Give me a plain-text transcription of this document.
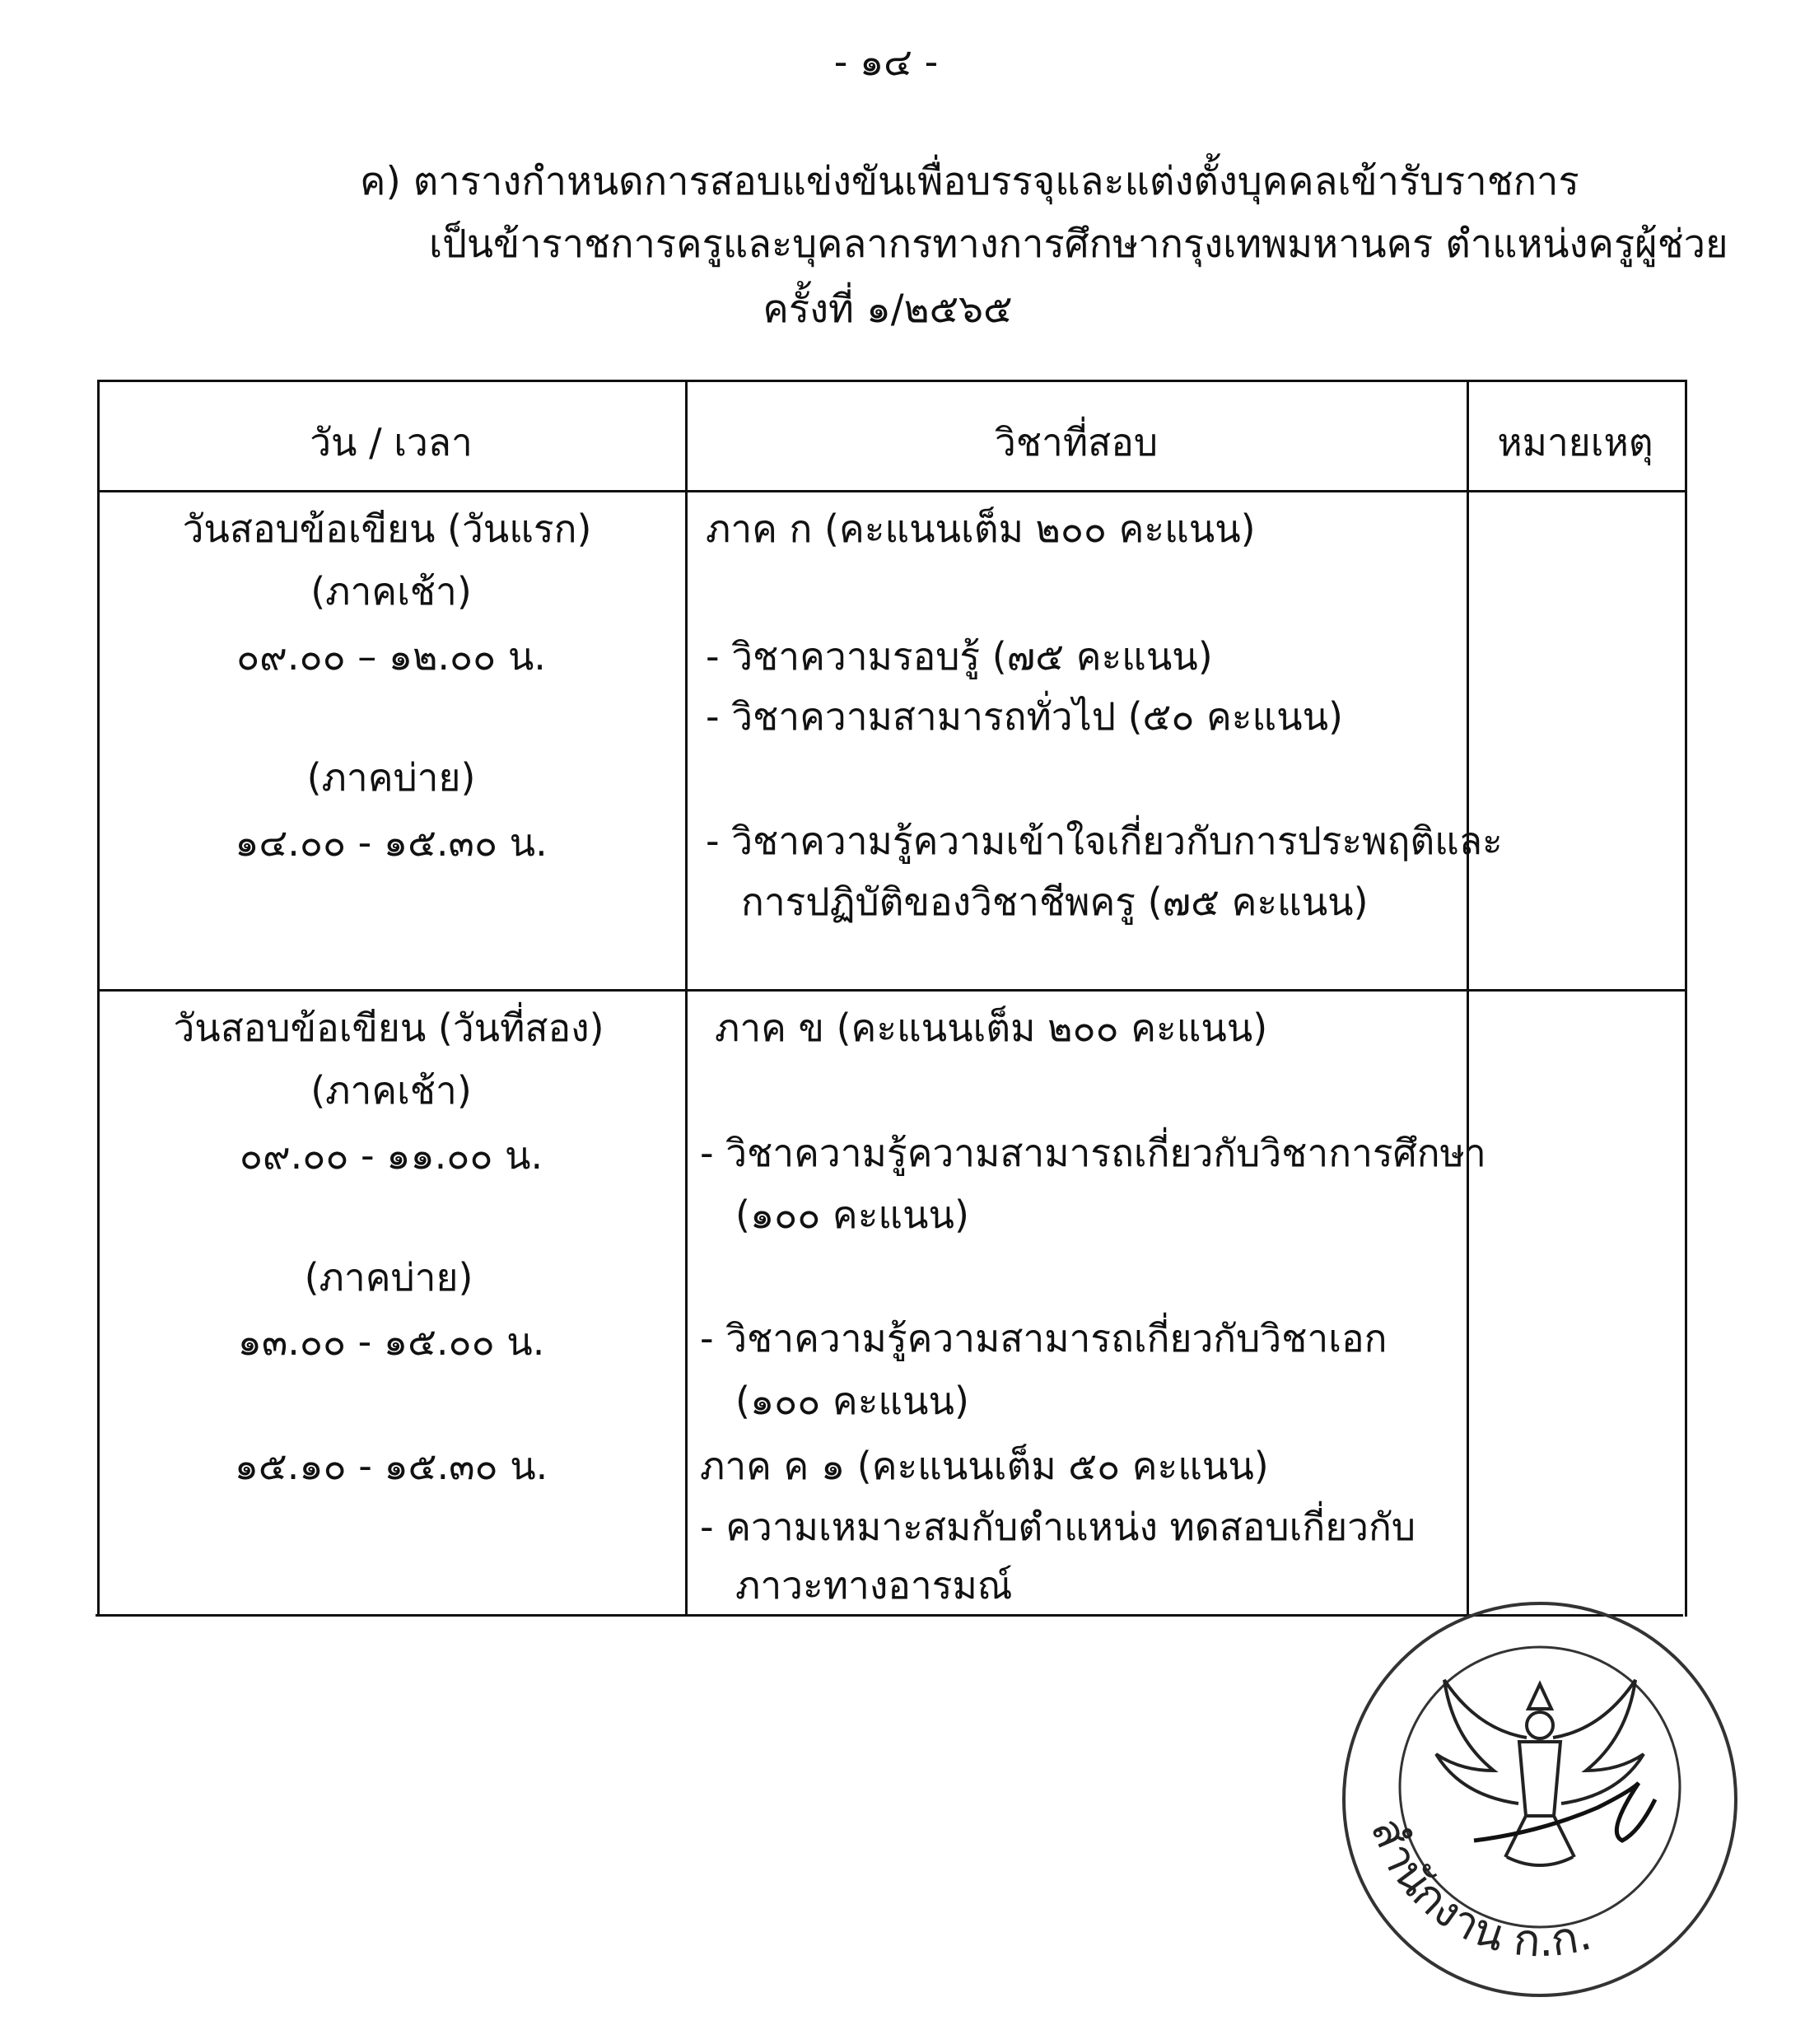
- ๑๔ -
ค) ตารางกำหนดการสอบแข่งขันเพื่อบรรจุและแต่งตั้งบุคคลเข้ารับราชการ
เป็นข้าราชการครูและบุคลากรทางการศึกษากรุงเทพมหานคร ตำแหน่งครูผู้ช่วย
ครั้งที่ ๑/๒๕๖๕
วัน / เวลา	วิชาที่สอบ	หมายเหตุ
วันสอบข้อเขียน (วันแรก)
(ภาคเช้า)
๐๙.๐๐ – ๑๒.๐๐ น.
(ภาคบ่าย)
๑๔.๐๐ - ๑๕.๓๐ น.
ภาค ก (คะแนนเต็ม ๒๐๐ คะแนน)
- วิชาความรอบรู้ (๗๕ คะแนน)
- วิชาความสามารถทั่วไป (๕๐ คะแนน)
- วิชาความรู้ความเข้าใจเกี่ยวกับการประพฤติและ
การปฏิบัติของวิชาชีพครู (๗๕ คะแนน)
วันสอบข้อเขียน (วันที่สอง)
(ภาคเช้า)
๐๙.๐๐ - ๑๑.๐๐ น.
(ภาคบ่าย)
๑๓.๐๐ - ๑๕.๐๐ น.
๑๕.๑๐ - ๑๕.๓๐ น.
ภาค ข (คะแนนเต็ม ๒๐๐ คะแนน)
- วิชาความรู้ความสามารถเกี่ยวกับวิชาการศึกษา
(๑๐๐ คะแนน)
- วิชาความรู้ความสามารถเกี่ยวกับวิชาเอก
(๑๐๐ คะแนน)
ภาค ค ๑ (คะแนนเต็ม ๕๐ คะแนน)
- ความเหมาะสมกับตำแหน่ง ทดสอบเกี่ยวกับ
ภาวะทางอารมณ์
สำนักงาน ก.ก.
